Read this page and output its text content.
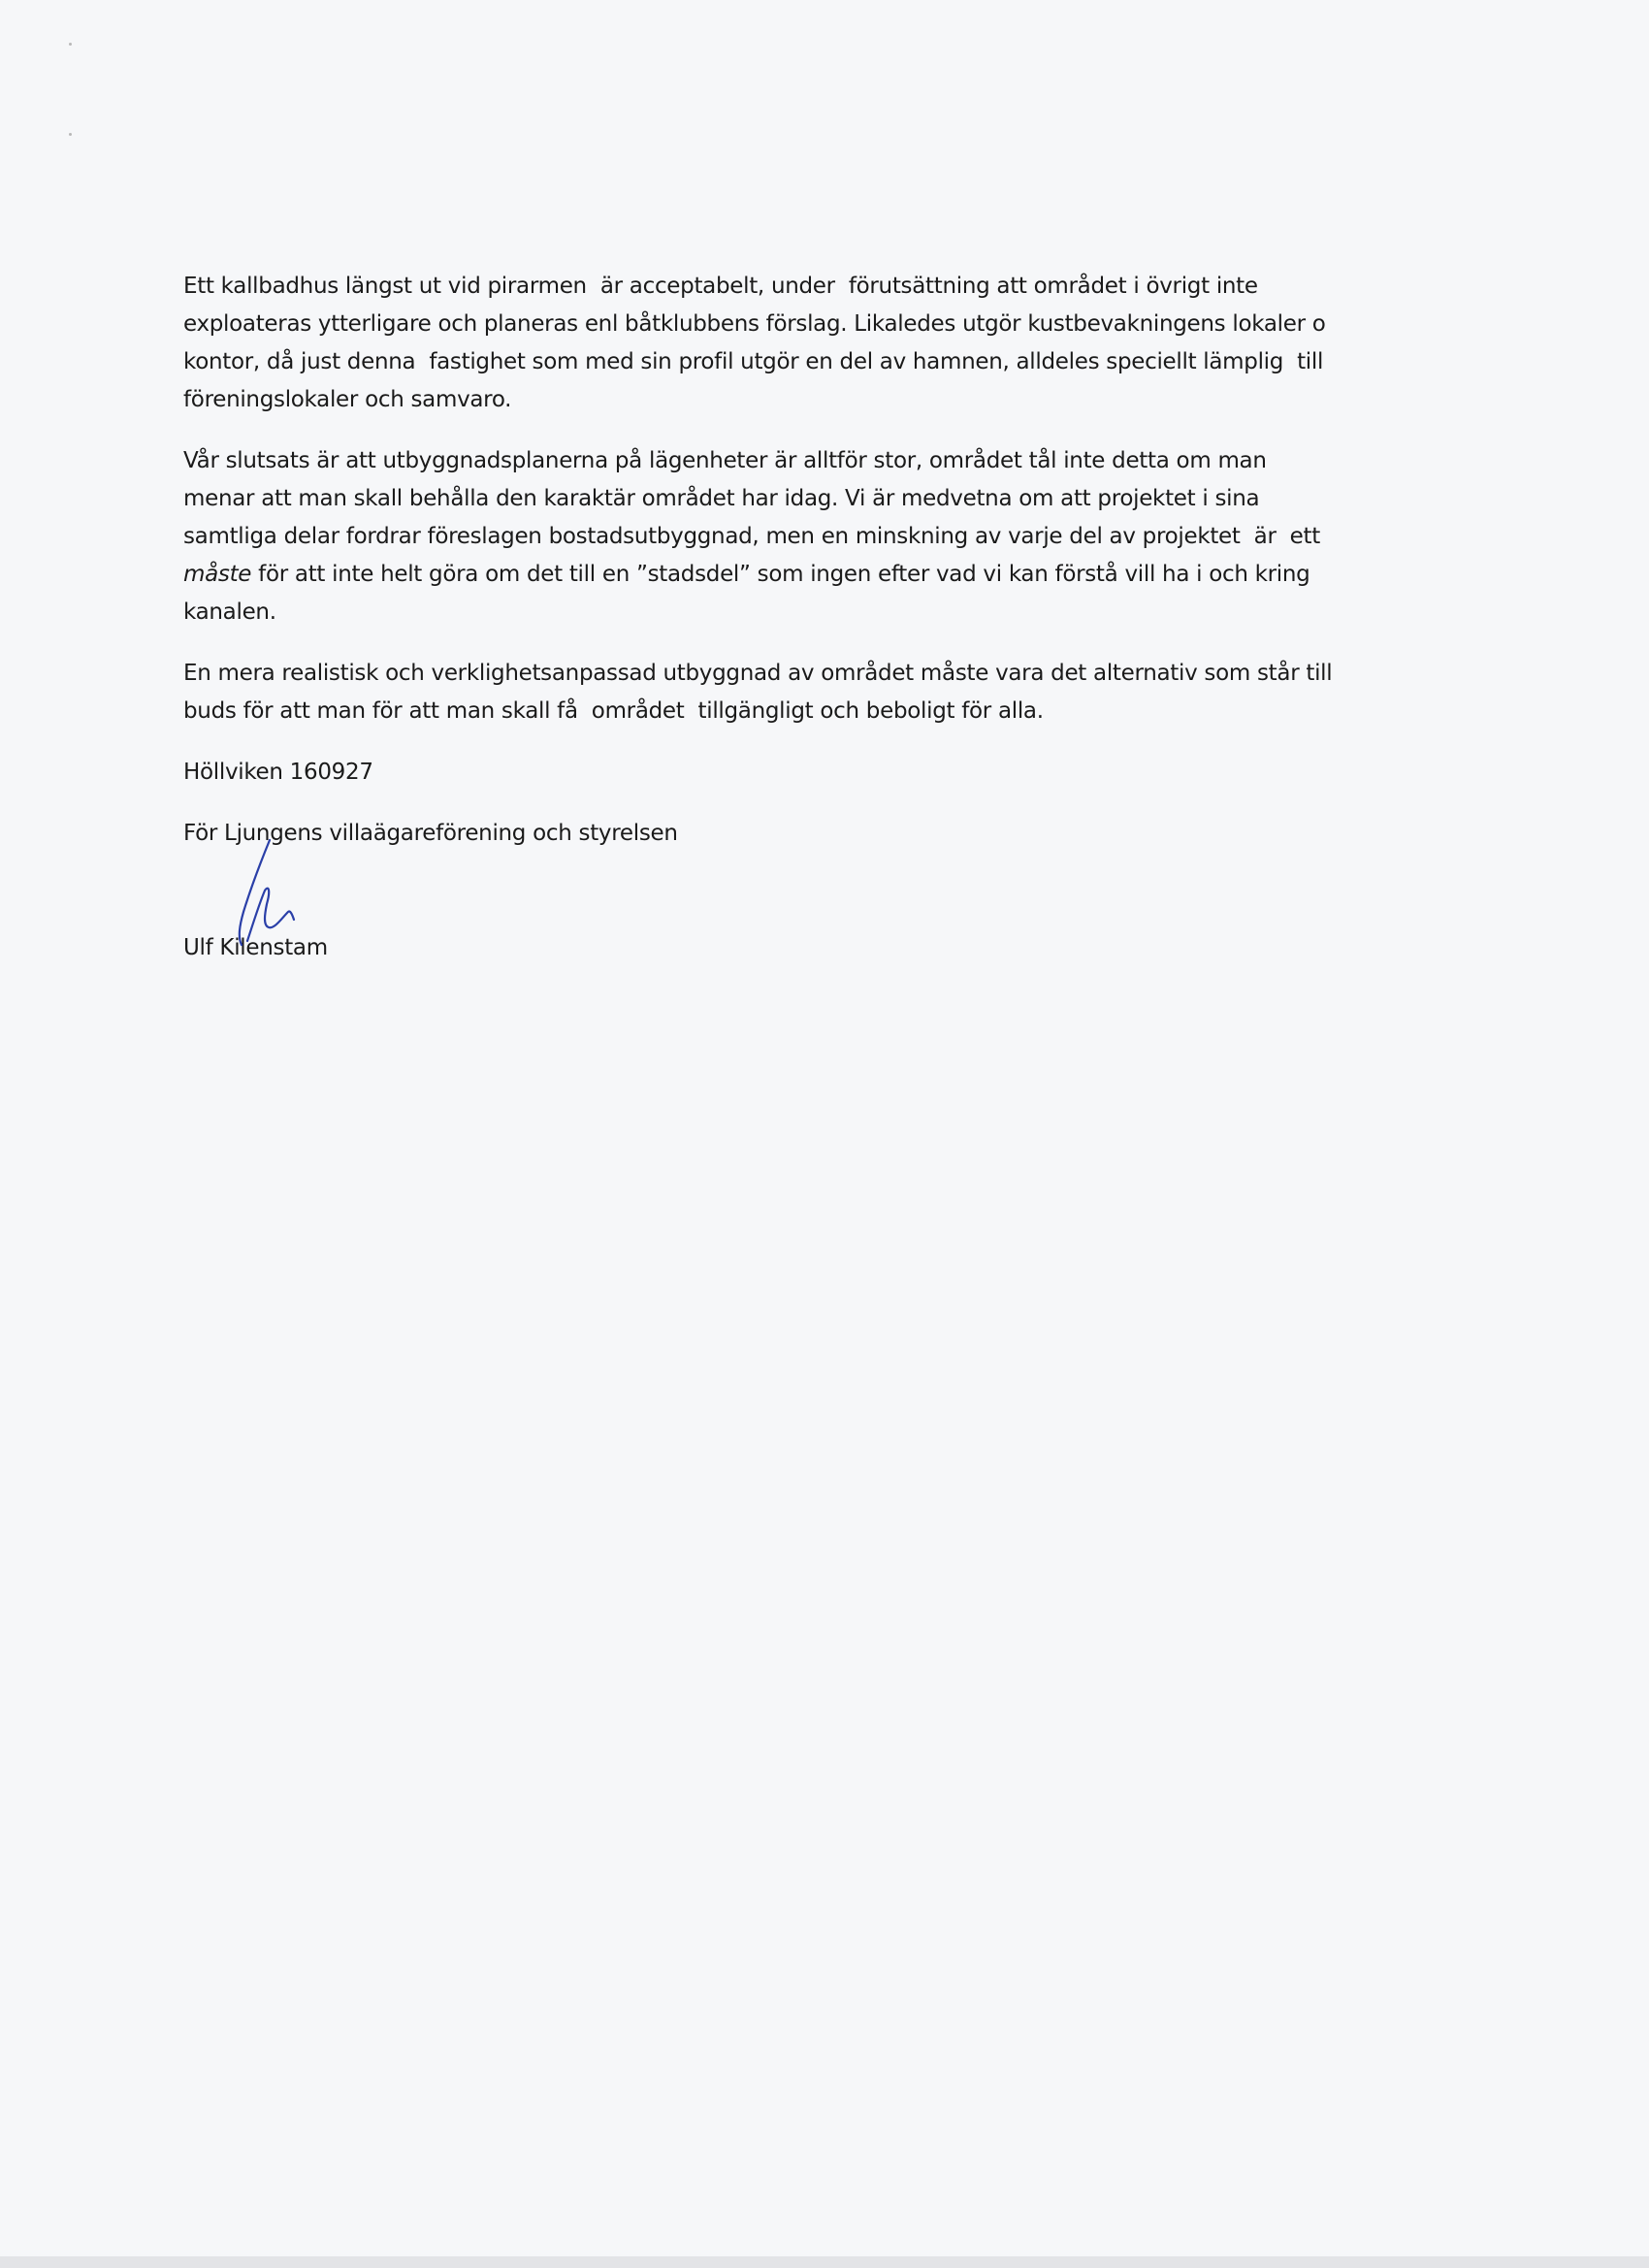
Ett kallbadhus längst ut vid pirarmen  är acceptabelt, under  förutsättning att området i övrigt inte
exploateras ytterligare och planeras enl båtklubbens förslag. Likaledes utgör kustbevakningens lokaler o
kontor, då just denna  fastighet som med sin profil utgör en del av hamnen, alldeles speciellt lämplig  till
föreningslokaler och samvaro.
Vår slutsats är att utbyggnadsplanerna på lägenheter är alltför stor, området tål inte detta om man
menar att man skall behålla den karaktär området har idag. Vi är medvetna om att projektet i sina
samtliga delar fordrar föreslagen bostadsutbyggnad, men en minskning av varje del av projektet  är  ett
måste för att inte helt göra om det till en ”stadsdel” som ingen efter vad vi kan förstå vill ha i och kring
kanalen.
En mera realistisk och verklighetsanpassad utbyggnad av området måste vara det alternativ som står till
buds för att man för att man skall få  området  tillgängligt och beboligt för alla.
Höllviken 160927
För Ljungens villaägareförening och styrelsen
Ulf Kilenstam
